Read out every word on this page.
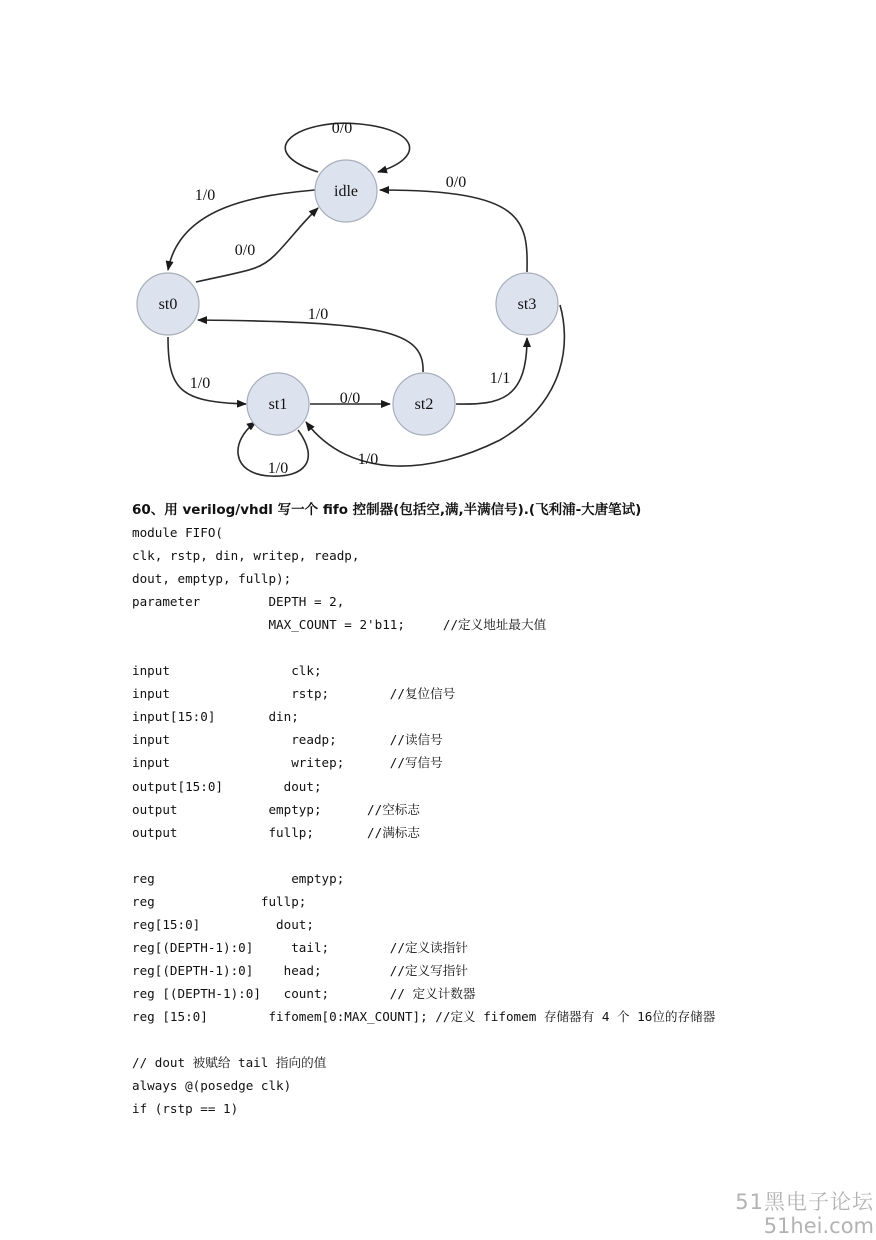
idle
st0
st1	st2
st3
0/0
1/0
0/0
0/0
1/0
1/0
0/0
1/1
1/0
1/0
60、用 verilog/vhdl 写一个 fifo 控制器(包括空,满,半满信号).(飞利浦-大唐笔试)
module FIFO(
clk, rstp, din, writep, readp,
dout, emptyp, fullp);
parameter         DEPTH = 2,
MAX_COUNT = 2'b11;     //定义地址最大值
input                clk;
input                rstp;        //复位信号
input[15:0]       din;
input                readp;       //读信号
input                writep;      //写信号
output[15:0]        dout;
output            emptyp;      //空标志
output            fullp;       //满标志
reg                  emptyp;
reg              fullp;
reg[15:0]          dout;
reg[(DEPTH-1):0]     tail;        //定义读指针
reg[(DEPTH-1):0]    head;         //定义写指针
reg [(DEPTH-1):0]   count;        // 定义计数器
reg [15:0]        fifomem[0:MAX_COUNT]; //定义 fifomem 存储器有 4 个 16位的存储器
// dout 被赋给 tail 指向的值
always @(posedge clk)
if (rstp == 1)
51黑电子论坛
51hei.com
